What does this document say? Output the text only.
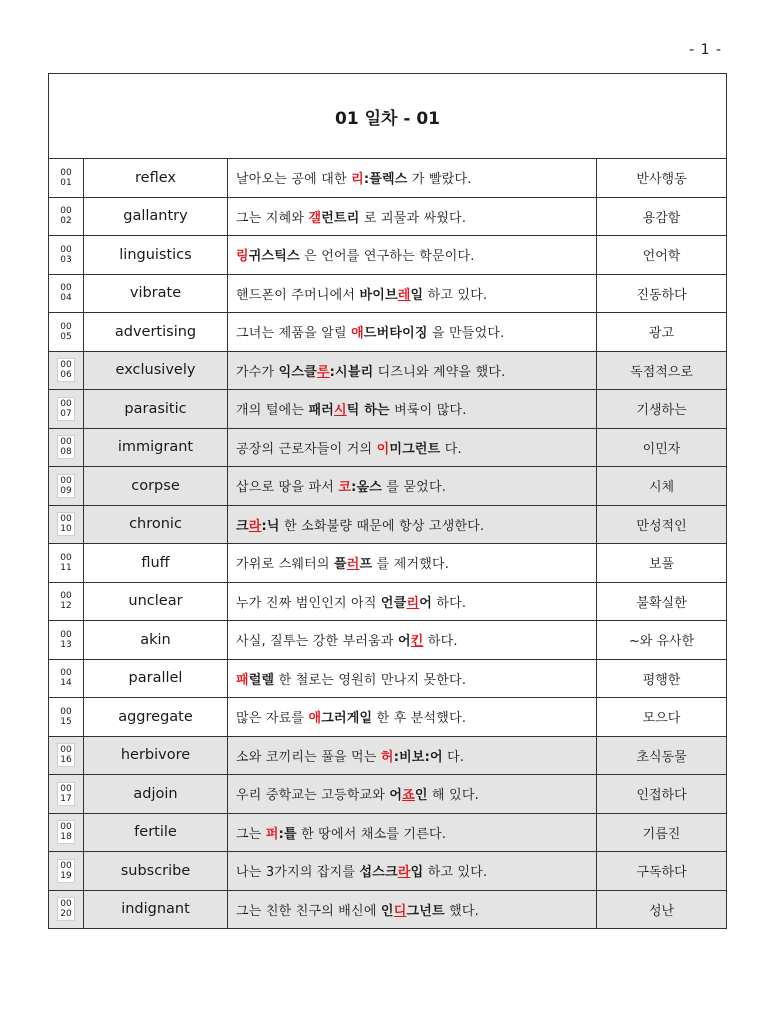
- 1 -
01 일차 - 01			

00
01	reflex	날아오는 공에 대한 리:플렉스 가 빨랐다.	반사행동

00
02	gallantry	그는 지혜와 갤런트리 로 괴물과 싸웠다.	용감함

00
03	linguistics	링귀스틱스 은 언어를 연구하는 학문이다.	언어학

00
04	vibrate	핸드폰이 주머니에서 바이브레일 하고 있다.	진동하다

00
05	advertising	그녀는 제품을 알릴 애드버타이징 을 만들었다.	광고

00
06	exclusively	가수가 익스클루:시블리 디즈니와 계약을 했다.	독점적으로

00
07	parasitic	개의 털에는 패러시틱 하는 벼룩이 많다.	기생하는

00
08	immigrant	공장의 근로자들이 거의 이미그런트 다.	이민자

00
09	corpse	삽으로 땅을 파서 코:옾스 를 묻었다.	시체

00
10	chronic	크라:닉 한 소화불량 때문에 항상 고생한다.	만성적인

00
11	fluff	가위로 스웨터의 플러프 를 제거했다.	보풀

00
12	unclear	누가 진짜 범인인지 아직 언클리어 하다.	불확실한

00
13	akin	사실, 질투는 강한 부러움과 어킨 하다.	~와 유사한

00
14	parallel	패럴렐 한 철로는 영원히 만나지 못한다.	평행한

00
15	aggregate	많은 자료를 애그러게잍 한 후 분석했다.	모으다

00
16	herbivore	소와 코끼리는 풀을 먹는 허:비보:어 다.	초식동물

00
17	adjoin	우리 중학교는 고등학교와 어죠인 해 있다.	인접하다

00
18	fertile	그는 퍼:틀 한 땅에서 채소를 기른다.	기름진

00
19	subscribe	나는 3가지의 잡지를 섭스크라입 하고 있다.	구독하다

00
20	indignant	그는 친한 친구의 배신에 인디그넌트 했다.	성난
